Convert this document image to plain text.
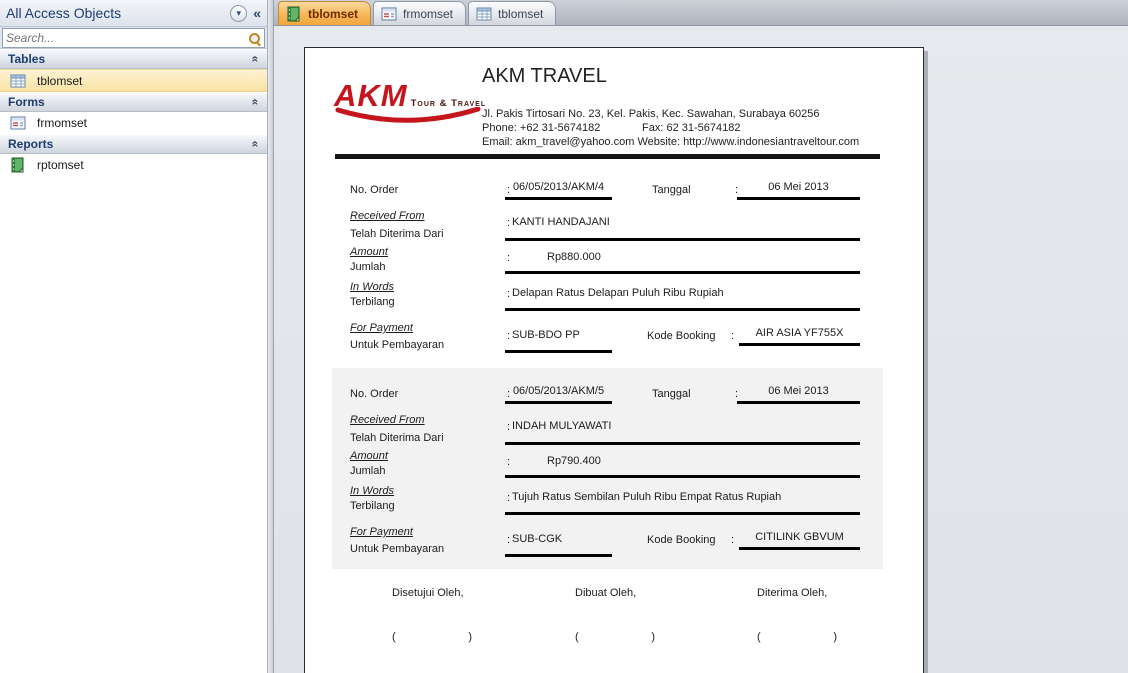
All Access Objects
▾
«
Search...
Tables
«
tblomset
Forms
«
frmomset
Reports
«
rptomset
tblomset	frmomset	tblomset
AKM Tour & Travel
AKM TRAVEL
Jl. Pakis Tirtosari No. 23, Kel. Pakis, Kec. Sawahan, Surabaya 60256
Phone: +62 31-5674182	Fax: 62 31-5674182
Email: akm_travel@yahoo.com Website: http://www.indonesiantraveltour.com
No. Order	: 06/05/2013/AKM/4	Tanggal	:	06 Mei 2013
Received From
Telah Diterima Dari
: KANTI HANDAJANI
Amount
Jumlah
:	Rp880.000
In Words
Terbilang
: Delapan Ratus Delapan Puluh Ribu Rupiah
For Payment
Untuk Pembayaran
: SUB-BDO PP	Kode Booking :	AIR ASIA YF755X
No. Order	: 06/05/2013/AKM/5	Tanggal	:	06 Mei 2013
Received From
Telah Diterima Dari
: INDAH MULYAWATI
Amount
Jumlah
:	Rp790.400
In Words
Terbilang
: Tujuh Ratus Sembilan Puluh Ribu Empat Ratus Rupiah
For Payment
Untuk Pembayaran
: SUB-CGK	Kode Booking :	CITILINK GBVUM
Disetujui Oleh,
(	)
Dibuat Oleh,
(	)
Diterima Oleh,
(	)
